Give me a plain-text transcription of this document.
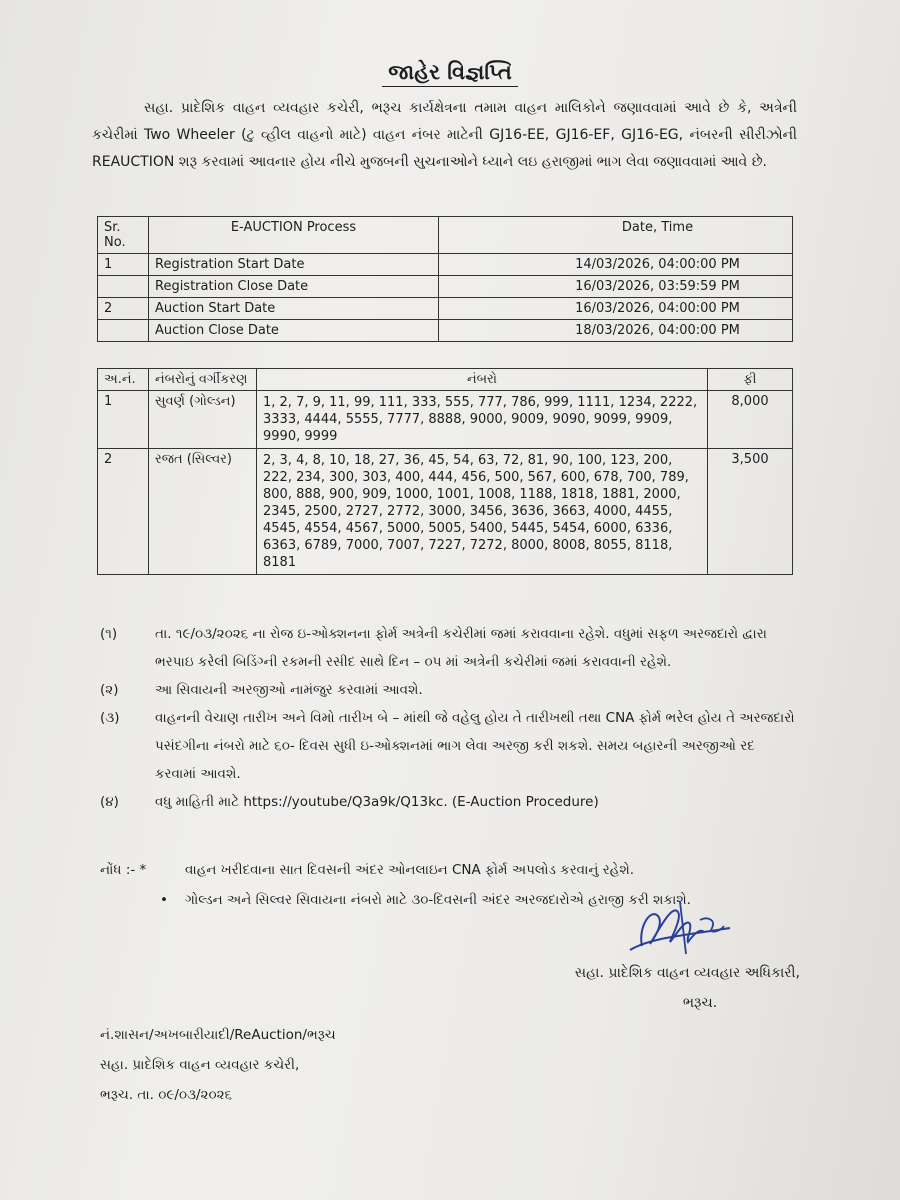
જાહેર વિજ્ઞપ્તિ
સહા. પ્રાદેશિક વાહન વ્યવહાર કચેરી, ભરૂચ કાર્યક્ષેત્રના તમામ વાહન માલિકોને જણાવવામાં આવે છે કે, અત્રેની કચેરીમાં Two Wheeler (ટુ વ્હીલ વાહનો માટે) વાહન નંબર માટેની GJ16-EE, GJ16-EF, GJ16-EG, નંબરની સીરીઝોની REAUCTION શરૂ કરવામાં આવનાર હોય નીચે મુજબની સુચનાઓને ધ્યાને લઇ હરાજીમાં ભાગ લેવા જણાવવામાં આવે છે.
Sr. No.	E-AUCTION Process	Date, Time
1	Registration Start Date	14/03/2026, 04:00:00 PM
	Registration Close Date	16/03/2026, 03:59:59 PM
2	Auction Start Date	16/03/2026, 04:00:00 PM
	Auction Close Date	18/03/2026, 04:00:00 PM
અ.નં.	નંબરોનું વર્ગીકરણ	નંબરો	ફી
1	સુવર્ણ (ગોલ્ડન)	1, 2, 7, 9, 11, 99, 111, 333, 555, 777, 786, 999, 1111, 1234, 2222, 3333, 4444, 5555, 7777, 8888, 9000, 9009, 9090, 9099, 9909, 9990, 9999	8,000
2	રજત (સિલ્વર)	2, 3, 4, 8, 10, 18, 27, 36, 45, 54, 63, 72, 81, 90, 100, 123, 200, 222, 234, 300, 303, 400, 444, 456, 500, 567, 600, 678, 700, 789, 800, 888, 900, 909, 1000, 1001, 1008, 1188, 1818, 1881, 2000, 2345, 2500, 2727, 2772, 3000, 3456, 3636, 3663, 4000, 4455, 4545, 4554, 4567, 5000, 5005, 5400, 5445, 5454, 6000, 6336, 6363, 6789, 7000, 7007, 7227, 7272, 8000, 8008, 8055, 8118, 8181	3,500
(૧)	તા. ૧૯/૦૩/૨૦૨૬ ના રોજ ઇ-ઓક્શનના ફોર્મ અત્રેની કચેરીમાં જમાં કરાવવાના રહેશે. વધુમાં સફળ અરજદારો દ્વારા ભરપાઇ કરેલી બિડિંગ્ની રકમની રસીદ સાથે દિન – ૦૫ માં અત્રેની કચેરીમાં જમાં કરાવવાની રહેશે.
(૨)	આ સિવાયની અરજીઓ નામંજુર કરવામાં આવશે.
(૩)	વાહનની વેચાણ તારીખ અને વિમો તારીખ બે – માંથી જે વહેલુ હોય તે તારીખથી તથા CNA ફોર્મ ભરેલ હોય તે અરજદારો પસંદગીના નંબરો માટે ૬૦- દિવસ સુધી ઇ-ઓક્શનમાં ભાગ લેવા અરજી કરી શકશે. સમય બહારની અરજીઓ રદ કરવામાં આવશે.
(૪)	વધુ માહિતી માટે https://youtube/Q3a9k/Q13kc. (E-Auction Procedure)
નોંધ :- *	વાહન ખરીદવાના સાત દિવસની અંદર ઓનલાઇન CNA ફોર્મ અપલોડ કરવાનું રહેશે.
• ગોલ્ડન અને સિલ્વર સિવાયના નંબરો માટે ૩૦-દિવસની અંદર અરજદારોએ હરાજી કરી શકાશે.
સહા. પ્રાદેશિક વાહન વ્યવહાર અધિકારી,
ભરૂચ.
નં.શાસન/અખબારીયાદી/ReAuction/ભરૂચ
સહા. પ્રાદેશિક વાહન વ્યવહાર કચેરી,
ભરૂચ. તા. ૦૯/૦૩/૨૦૨૬
